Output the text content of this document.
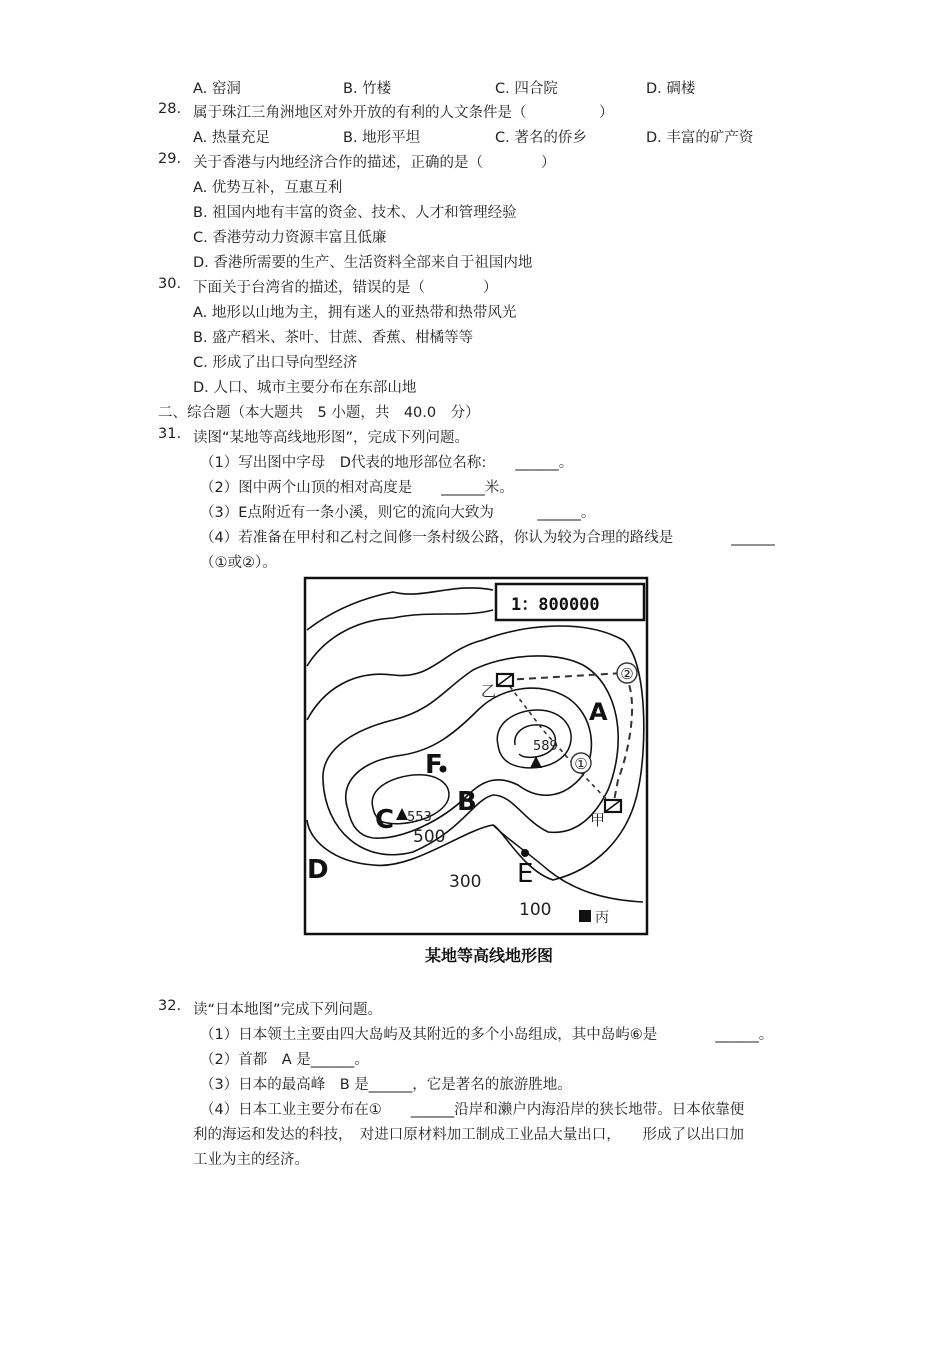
A. 窑洞	B. 竹楼	C. 四合院	D. 碉楼
28. 属于珠江三角洲地区对外开放的有利的人文条件是（　　　　　）
A. 热量充足	B. 地形平坦	C. 著名的侨乡	D. 丰富的矿产资
29. 关于香港与内地经济合作的描述，正确的是（　　　　）
A. 优势互补，互惠互利
B. 祖国内地有丰富的资金、技术、人才和管理经验
C. 香港劳动力资源丰富且低廉
D. 香港所需要的生产、生活资料全部来自于祖国内地
30. 下面关于台湾省的描述，错误的是（　　　　）
A. 地形以山地为主，拥有迷人的亚热带和热带风光
B. 盛产稻米、茶叶、甘蔗、香蕉、柑橘等等
C. 形成了出口导向型经济
D. 人口、城市主要分布在东部山地
二、综合题（本大题共　5 小题，共　40.0　分）
31. 读图“某地等高线地形图”，完成下列问题。
（1）写出图中字母　D代表的地形部位名称:　　______。
（2）图中两个山顶的相对高度是　　______米。
（3）E点附近有一条小溪，则它的流向大致为　　　______。
（4）若准备在甲村和乙村之间修一条村级公路，你认为较为合理的路线是　　　　______
（①或②）。
1：800000
①
②
589
553
A
B
C
D	E
F
乙
甲
丙
500
300
100
某地等高线地形图
32. 读“日本地图”完成下列问题。
（1）日本领土主要由四大岛屿及其附近的多个小岛组成，其中岛屿⑥是　　　　______。
（2）首都　A 是______。
（3）日本的最高峰　B 是______，它是著名的旅游胜地。
（4）日本工业主要分布在①　　______沿岸和濑户内海沿岸的狭长地带。日本依靠便
利的海运和发达的科技，　对进口原材料加工制成工业品大量出口，　　形成了以出口加
工业为主的经济。
